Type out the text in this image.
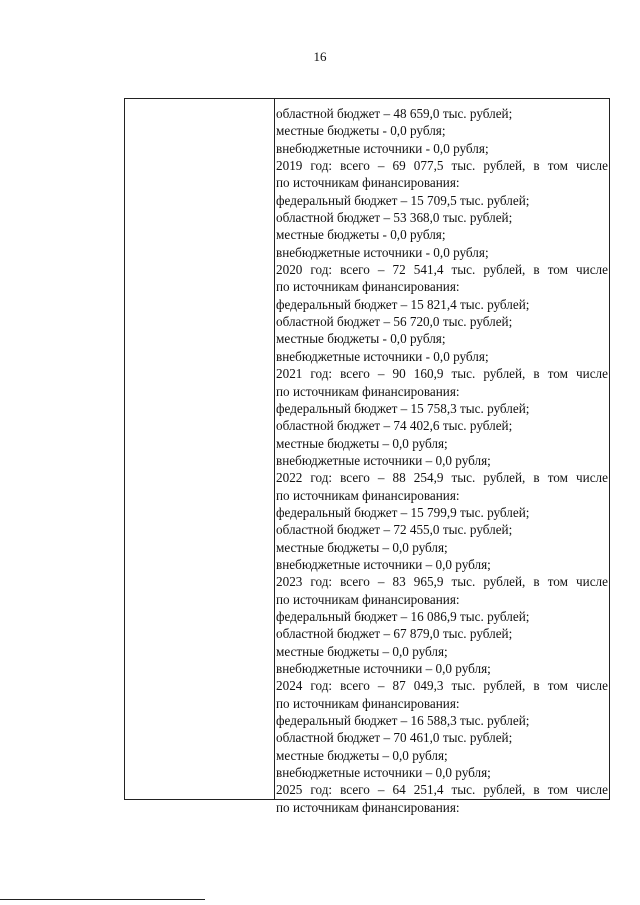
16
областной бюджет – 48 659,0 тыс. рублей;
местные бюджеты - 0,0 рубля;
внебюджетные источники - 0,0 рубля;
2019 год: всего – 69 077,5 тыс. рублей, в том числе
по источникам финансирования:
федеральный бюджет – 15 709,5 тыс. рублей;
областной бюджет – 53 368,0 тыс. рублей;
местные бюджеты - 0,0 рубля;
внебюджетные источники - 0,0 рубля;
2020 год: всего – 72 541,4 тыс. рублей, в том числе
по источникам финансирования:
федеральный бюджет – 15 821,4 тыс. рублей;
областной бюджет – 56 720,0 тыс. рублей;
местные бюджеты - 0,0 рубля;
внебюджетные источники - 0,0 рубля;
2021 год: всего – 90 160,9 тыс. рублей, в том числе
по источникам финансирования:
федеральный бюджет – 15 758,3 тыс. рублей;
областной бюджет – 74 402,6 тыс. рублей;
местные бюджеты – 0,0 рубля;
внебюджетные источники – 0,0 рубля;
2022 год: всего – 88 254,9 тыс. рублей, в том числе
по источникам финансирования:
федеральный бюджет – 15 799,9 тыс. рублей;
областной бюджет – 72 455,0 тыс. рублей;
местные бюджеты – 0,0 рубля;
внебюджетные источники – 0,0 рубля;
2023 год: всего – 83 965,9 тыс. рублей, в том числе
по источникам финансирования:
федеральный бюджет – 16 086,9 тыс. рублей;
областной бюджет – 67 879,0 тыс. рублей;
местные бюджеты – 0,0 рубля;
внебюджетные источники – 0,0 рубля;
2024 год: всего – 87 049,3 тыс. рублей, в том числе
по источникам финансирования:
федеральный бюджет – 16 588,3 тыс. рублей;
областной бюджет – 70 461,0 тыс. рублей;
местные бюджеты – 0,0 рубля;
внебюджетные источники – 0,0 рубля;
2025 год: всего – 64 251,4 тыс. рублей, в том числе
по источникам финансирования:
